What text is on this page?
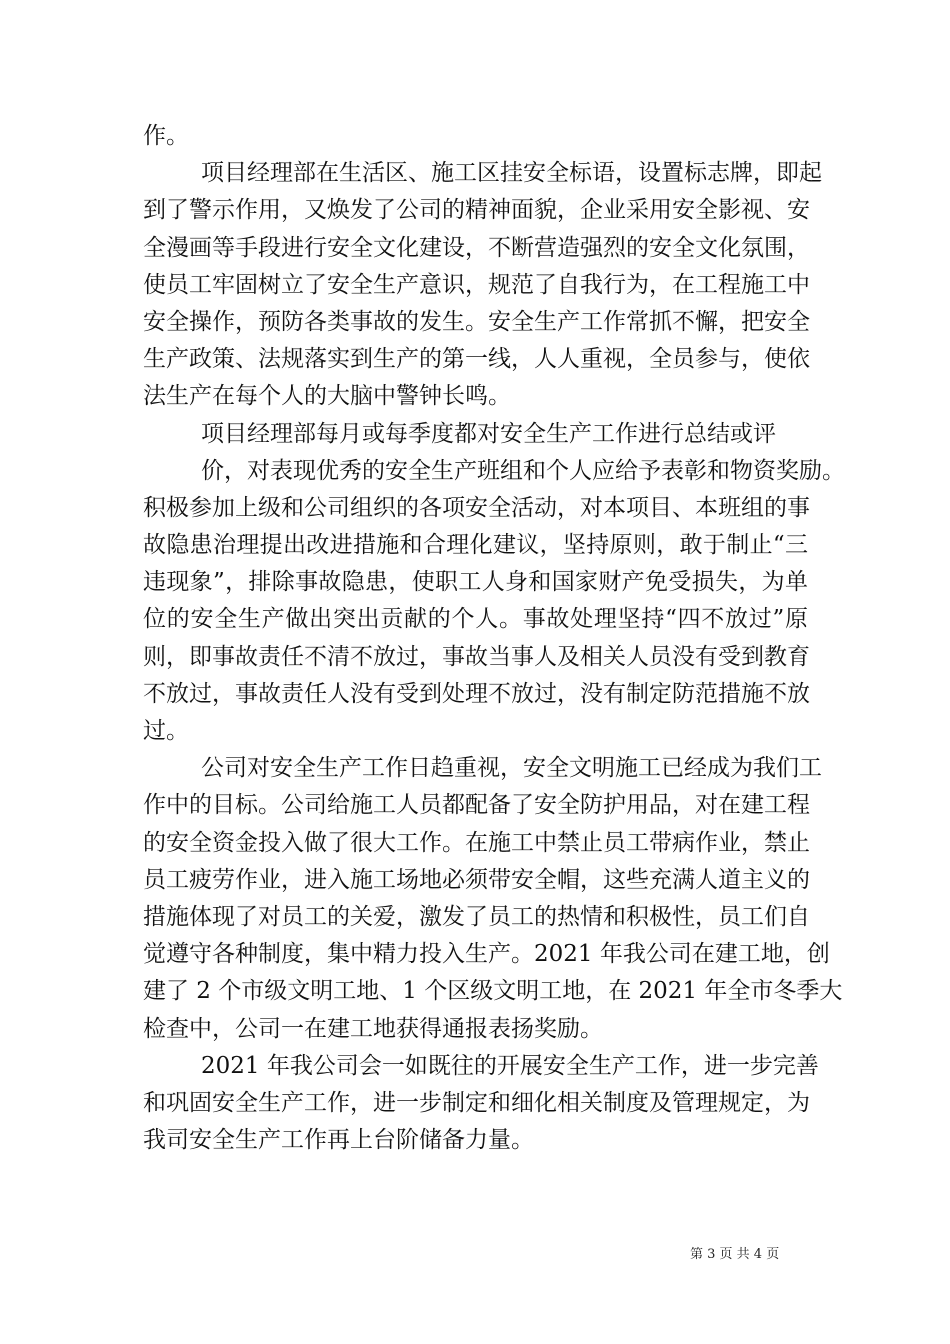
作。
项目经理部在生活区、施工区挂安全标语，设置标志牌，即起
到了警示作用，又焕发了公司的精神面貌，企业采用安全影视、安
全漫画等手段进行安全文化建设，不断营造强烈的安全文化氛围，
使员工牢固树立了安全生产意识，规范了自我行为，在工程施工中
安全操作，预防各类事故的发生。安全生产工作常抓不懈，把安全
生产政策、法规落实到生产的第一线，人人重视，全员参与，使依
法生产在每个人的大脑中警钟长鸣。
项目经理部每月或每季度都对安全生产工作进行总结或评
价，对表现优秀的安全生产班组和个人应给予表彰和物资奖励。
积极参加上级和公司组织的各项安全活动，对本项目、本班组的事
故隐患治理提出改进措施和合理化建议，坚持原则，敢于制止“三
违现象”，排除事故隐患，使职工人身和国家财产免受损失，为单
位的安全生产做出突出贡献的个人。事故处理坚持“四不放过”原
则，即事故责任不清不放过，事故当事人及相关人员没有受到教育
不放过，事故责任人没有受到处理不放过，没有制定防范措施不放
过。
公司对安全生产工作日趋重视，安全文明施工已经成为我们工
作中的目标。公司给施工人员都配备了安全防护用品，对在建工程
的安全资金投入做了很大工作。在施工中禁止员工带病作业，禁止
员工疲劳作业，进入施工场地必须带安全帽，这些充满人道主义的
措施体现了对员工的关爱，激发了员工的热情和积极性，员工们自
觉遵守各种制度，集中精力投入生产。2021 年我公司在建工地，创
建了 2 个市级文明工地、1 个区级文明工地，在 2021 年全市冬季大
检查中，公司一在建工地获得通报表扬奖励。
2021 年我公司会一如既往的开展安全生产工作，进一步完善
和巩固安全生产工作，进一步制定和细化相关制度及管理规定，为
我司安全生产工作再上台阶储备力量。
第 3 页 共 4 页
